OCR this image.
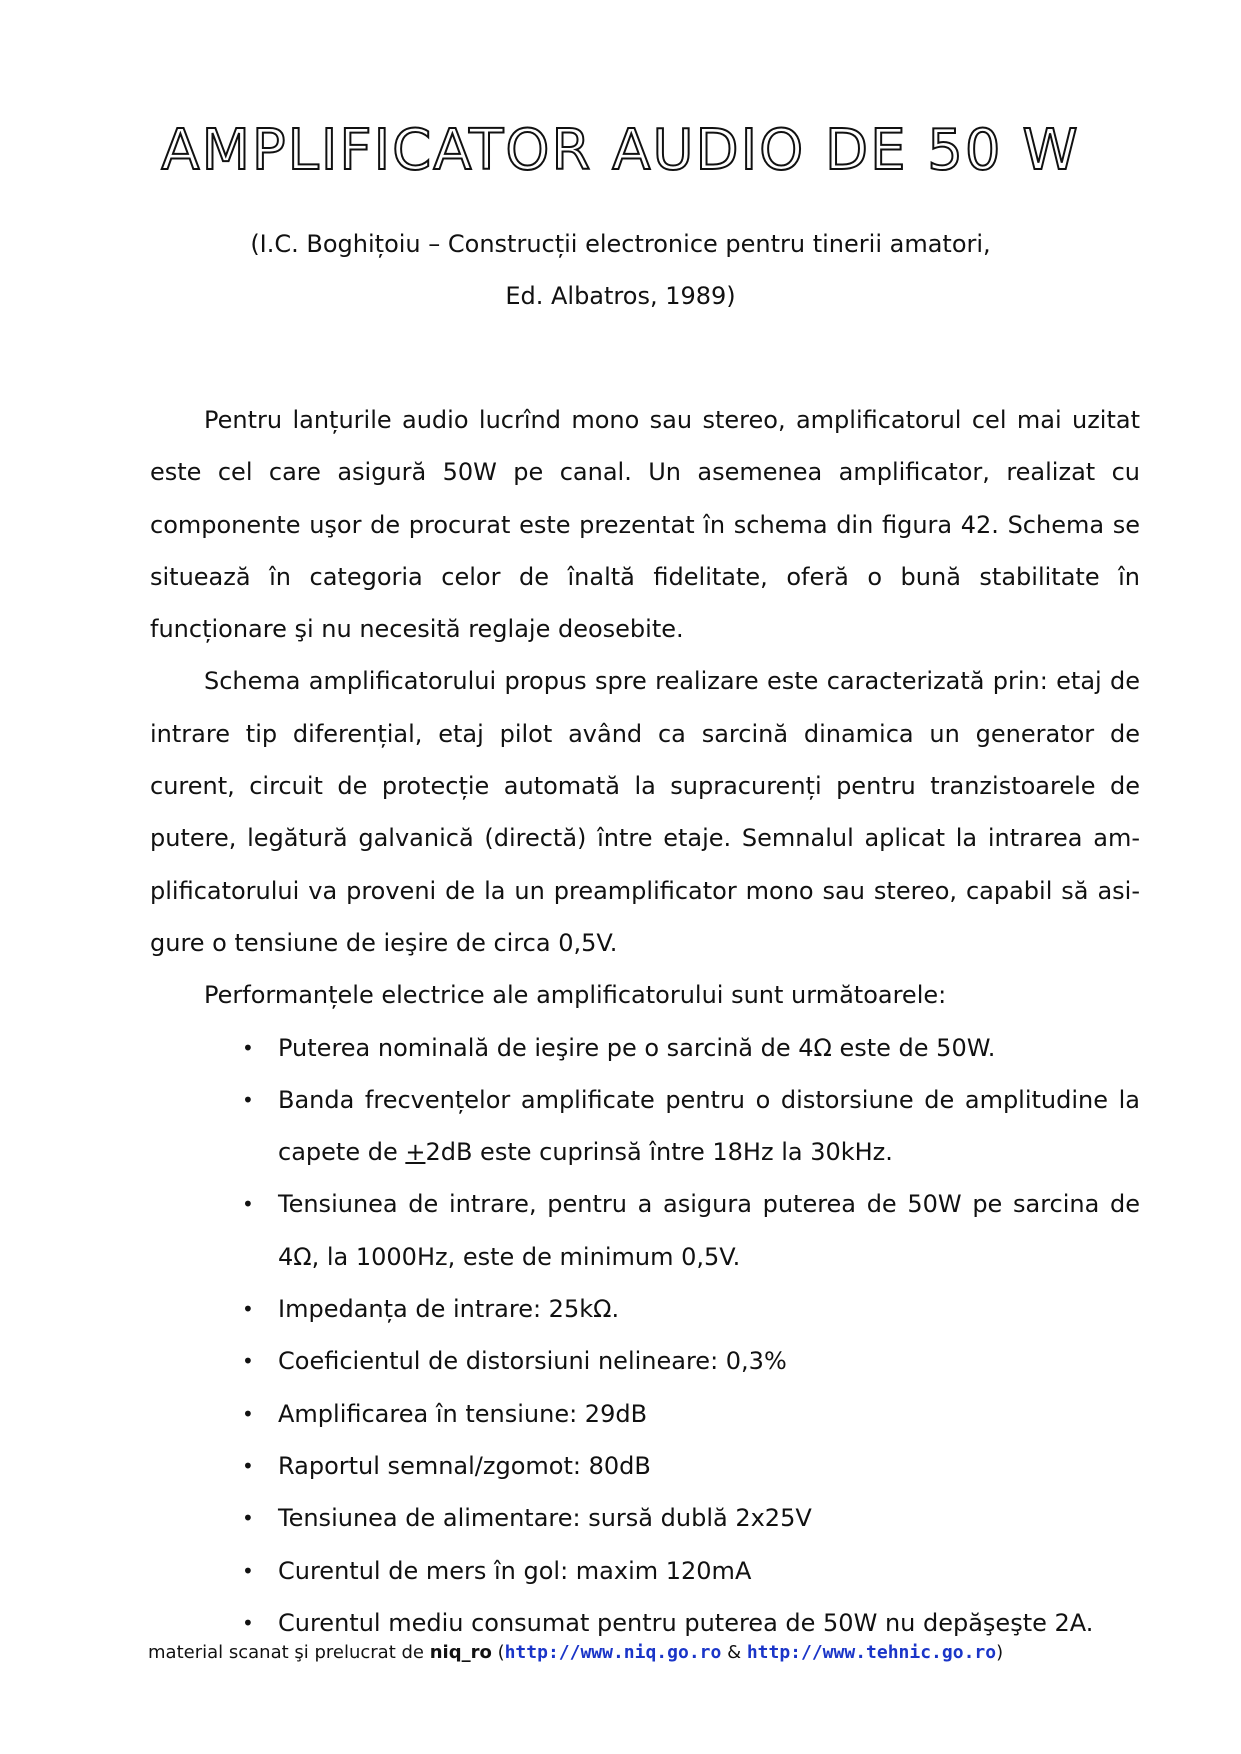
AMPLIFICATOR AUDIO DE 50 W
(I.C. Boghițoiu – Construcții electronice pentru tinerii amatori,
Ed. Albatros, 1989)

Pentru lanțurile audio lucrînd mono sau stereo, amplificatorul cel mai uzitat este cel care asigură 50W pe canal. Un asemenea amplificator, realizat cu componente uşor de procurat este prezentat în schema din figura 42. Schema se situează în categoria celor de înaltă fidelitate, oferă o bună stabilitate în funcționare şi nu necesită reglaje deosebite.

Schema amplificatorului propus spre realizare este caracterizată prin: etaj de intrare tip diferențial, etaj pilot având ca sarcină dinamica un generator de curent, circuit de protecție automată la supracurenți pentru tranzistoarele de putere, legătură galvanică (directă) între etaje. Semnalul aplicat la intrarea amplificatorului va proveni de la un preamplificator mono sau stereo, capabil să asigure o tensiune de ieşire de circa 0,5V.

Performanțele electrice ale amplificatorului sunt următoarele:

• Puterea nominală de ieşire pe o sarcină de 4Ω este de 50W.
• Banda frecvențelor amplificate pentru o distorsiune de amplitudine la capete de +2dB este cuprinsă între 18Hz la 30kHz.
• Tensiunea de intrare, pentru a asigura puterea de 50W pe sarcina de 4Ω, la 1000Hz, este de minimum 0,5V.
• Impedanța de intrare: 25kΩ.
• Coeficientul de distorsiuni nelineare: 0,3%
• Amplificarea în tensiune: 29dB
• Raportul semnal/zgomot: 80dB
• Tensiunea de alimentare: sursă dublă 2x25V
• Curentul de mers în gol: maxim 120mA
• Curentul mediu consumat pentru puterea de 50W nu depăşeşte 2A.
material scanat şi prelucrat de niq_ro (http://www.niq.go.ro & http://www.tehnic.go.ro)
